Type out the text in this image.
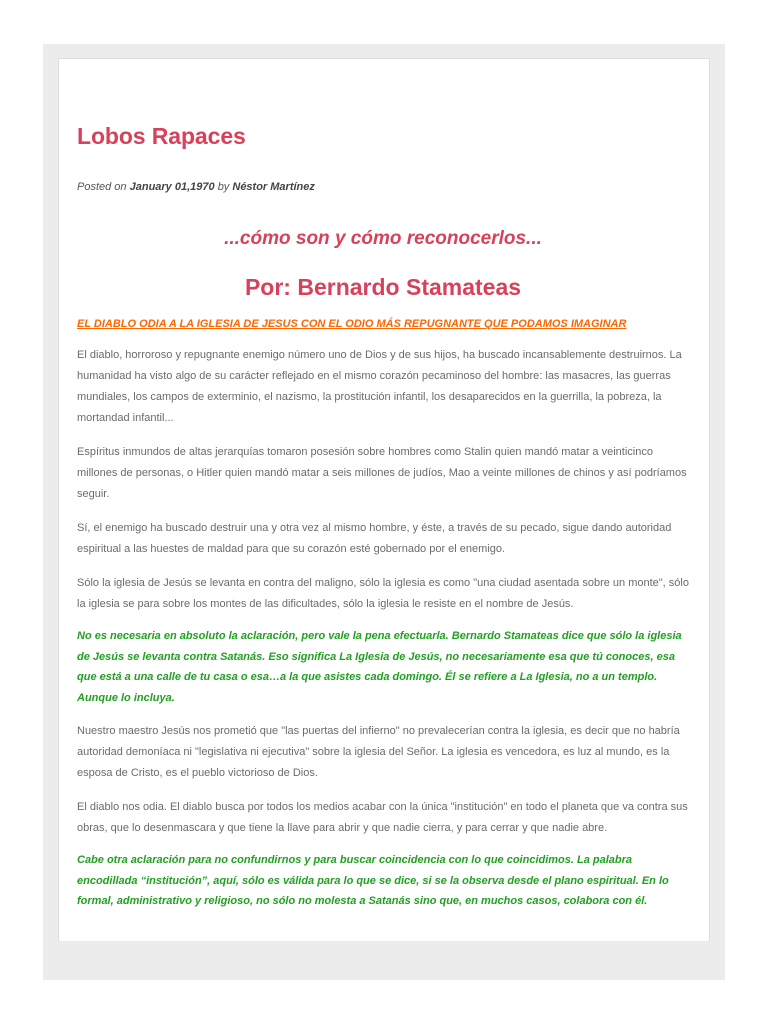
Lobos Rapaces
Posted on January 01,1970 by Néstor Martínez
...cómo son y cómo reconocerlos...
Por: Bernardo Stamateas
EL DIABLO ODIA A LA IGLESIA DE JESUS CON EL ODIO MÁS REPUGNANTE QUE PODAMOS IMAGINAR

El diablo, horroroso y repugnante enemigo número uno de Dios y de sus hijos, ha buscado incansablemente destruirnos. La humanidad ha visto algo de su carácter reflejado en el mismo corazón pecaminoso del hombre: las masacres, las guerras mundiales, los campos de exterminio, el nazismo, la prostitución infantil, los desaparecidos en la guerrilla, la pobreza, la mortandad infantil...

Espíritus inmundos de altas jerarquías tomaron posesión sobre hombres como Stalin quien mandó matar a veinticinco millones de personas, o Hitler quien mandó matar a seis millones de judíos, Mao a veinte millones de chinos y así podríamos seguir.

Sí, el enemigo ha buscado destruir una y otra vez al mismo hombre, y éste, a través de su pecado, sigue dando autoridad espiritual a las huestes de maldad para que su corazón esté gobernado por el enemigo.

Sólo la iglesia de Jesús se levanta en contra del maligno, sólo la iglesia es como "una ciudad asentada sobre un monte", sólo la iglesia se para sobre los montes de las dificultades, sólo la iglesia le resiste en el nombre de Jesús.

No es necesaria en absoluto la aclaración, pero vale la pena efectuarla. Bernardo Stamateas dice que sólo la iglesia de Jesús se levanta contra Satanás. Eso significa La Iglesia de Jesús, no necesariamente esa que tú conoces, esa que está a una calle de tu casa o esa…a la que asistes cada domingo. Él se refiere a La Iglesia, no a un templo. Aunque lo incluya.

Nuestro maestro Jesús nos prometió que "las puertas del infierno" no prevalecerían contra la iglesia, es decir que no habría autoridad demoníaca ni "legislativa ni ejecutiva" sobre la iglesia del Señor. La iglesia es vencedora, es luz al mundo, es la esposa de Cristo, es el pueblo victorioso de Dios.

El diablo nos odia. El diablo busca por todos los medios acabar con la única "institución" en todo el planeta que va contra sus obras, que lo desenmascara y que tiene la llave para abrir y que nadie cierra, y para cerrar y que nadie abre.

Cabe otra aclaración para no confundirnos y para buscar coincidencia con lo que coincidimos. La palabra encodillada “institución”, aquí, sólo es válida para lo que se dice, si se la observa desde el plano espiritual. En lo formal, administrativo y religioso, no sólo no molesta a Satanás sino que, en muchos casos, colabora con él.
